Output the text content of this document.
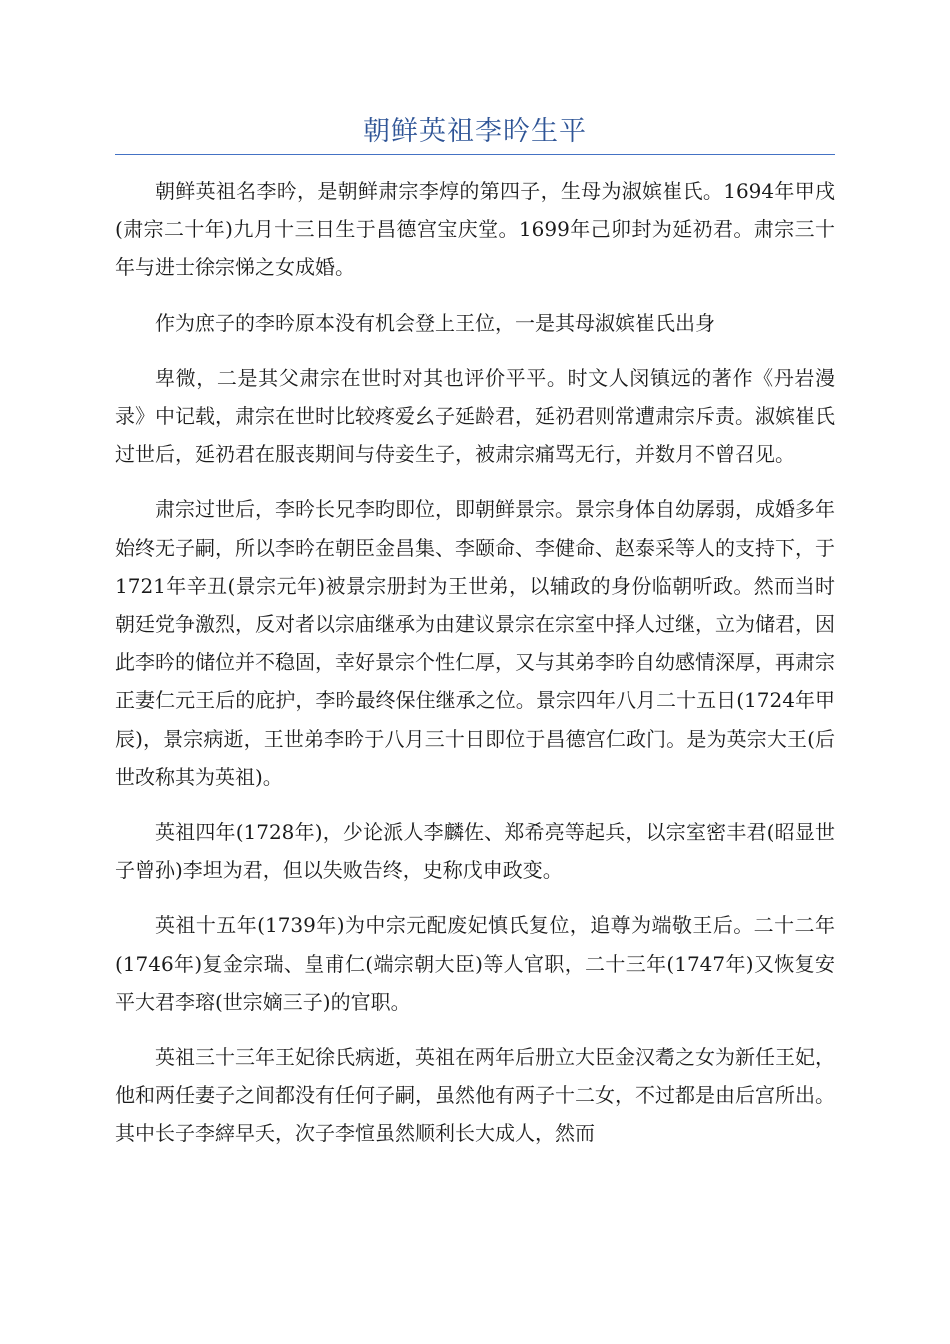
朝鲜英祖李昑生平

朝鲜英祖名李昑，是朝鲜肃宗李焞的第四子，生母为淑嫔崔氏。1694年甲戌(肃宗二十年)九月十三日生于昌德宫宝庆堂。1699年己卯封为延礽君。肃宗三十年与进士徐宗悌之女成婚。

作为庶子的李昑原本没有机会登上王位，一是其母淑嫔崔氏出身

卑微，二是其父肃宗在世时对其也评价平平。时文人闵镇远的著作《丹岩漫录》中记载，肃宗在世时比较疼爱幺子延龄君，延礽君则常遭肃宗斥责。淑嫔崔氏过世后，延礽君在服丧期间与侍妾生子，被肃宗痛骂无行，并数月不曾召见。

肃宗过世后，李昑长兄李昀即位，即朝鲜景宗。景宗身体自幼孱弱，成婚多年始终无子嗣，所以李昑在朝臣金昌集、李颐命、李健命、赵泰采等人的支持下，于1721年辛丑(景宗元年)被景宗册封为王世弟，以辅政的身份临朝听政。然而当时朝廷党争激烈，反对者以宗庙继承为由建议景宗在宗室中择人过继，立为储君，因此李昑的储位并不稳固，幸好景宗个性仁厚，又与其弟李昑自幼感情深厚，再肃宗正妻仁元王后的庇护，李昑最终保住继承之位。景宗四年八月二十五日(1724年甲辰)，景宗病逝，王世弟李昑于八月三十日即位于昌德宫仁政门。是为英宗大王(后世改称其为英祖)。

英祖四年(1728年)，少论派人李麟佐、郑希亮等起兵，以宗室密丰君(昭显世子曾孙)李坦为君，但以失败告终，史称戊申政变。

英祖十五年(1739年)为中宗元配废妃慎氏复位，追尊为端敬王后。二十二年(1746年)复金宗瑞、皇甫仁(端宗朝大臣)等人官职，二十三年(1747年)又恢复安平大君李瑢(世宗嫡三子)的官职。

英祖三十三年王妃徐氏病逝，英祖在两年后册立大臣金汉耈之女为新任王妃，他和两任妻子之间都没有任何子嗣，虽然他有两子十二女，不过都是由后宫所出。其中长子李縡早夭，次子李愃虽然顺利长大成人，然而
